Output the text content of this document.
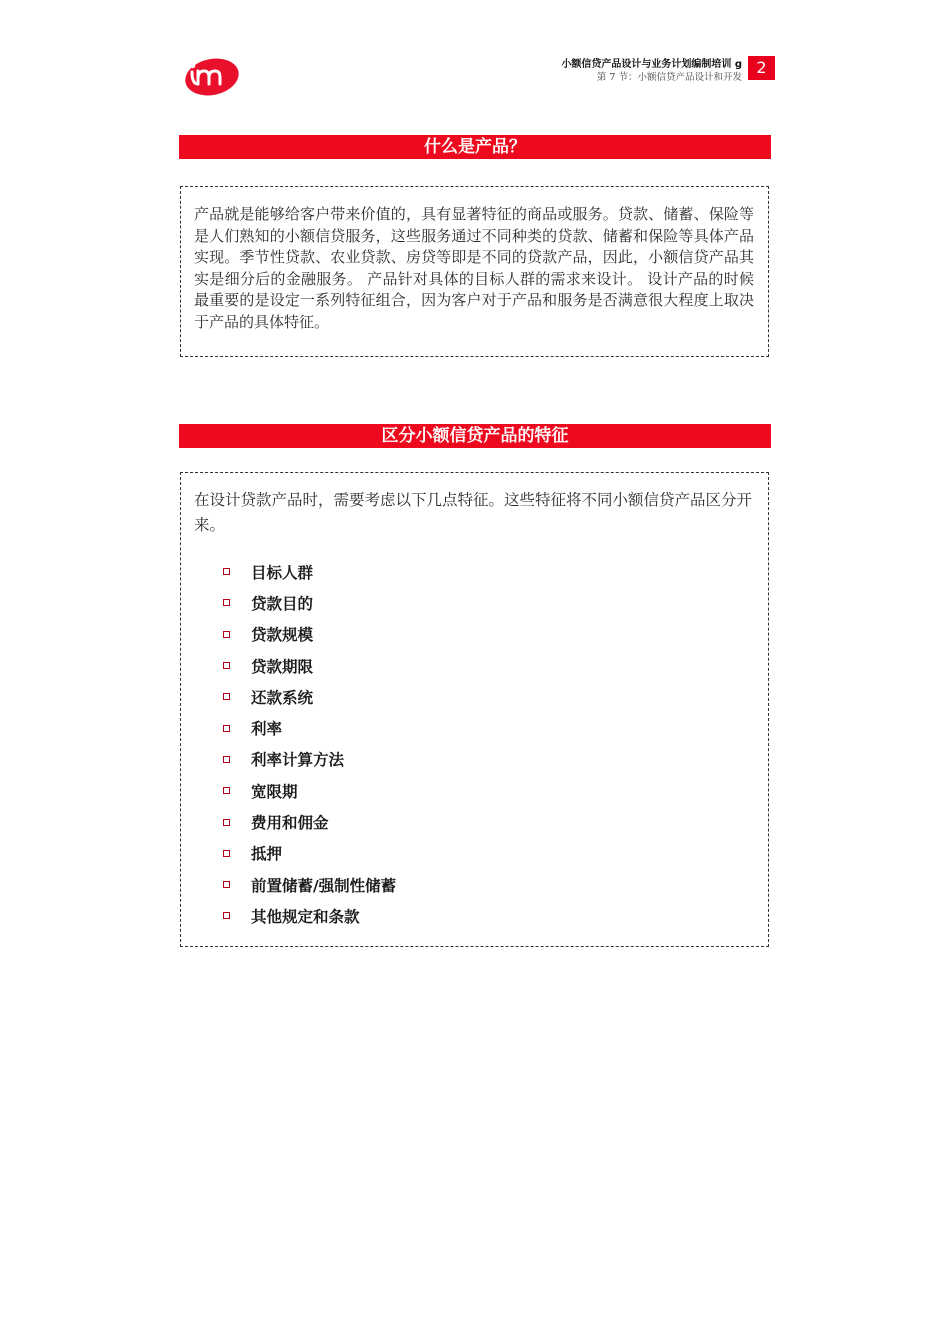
小额信贷产品设计与业务计划编制培训 g
第 7 节：小额信贷产品设计和开发
2
什么是产品？

产品就是能够给客户带来价值的，具有显著特征的商品或服务。贷款、储蓄、保险等是人们熟知的小额信贷服务，这些服务通过不同种类的贷款、储蓄和保险等具体产品实现。季节性贷款、农业贷款、房贷等即是不同的贷款产品，因此，小额信贷产品其实是细分后的金融服务。 产品针对具体的目标人群的需求来设计。 设计产品的时候最重要的是设定一系列特征组合，因为客户对于产品和服务是否满意很大程度上取决于产品的具体特征。

区分小额信贷产品的特征

在设计贷款产品时，需要考虑以下几点特征。这些特征将不同小额信贷产品区分开来。

目标人群
贷款目的
贷款规模
贷款期限
还款系统
利率
利率计算方法
宽限期
费用和佣金
抵押
前置储蓄/强制性储蓄
其他规定和条款
